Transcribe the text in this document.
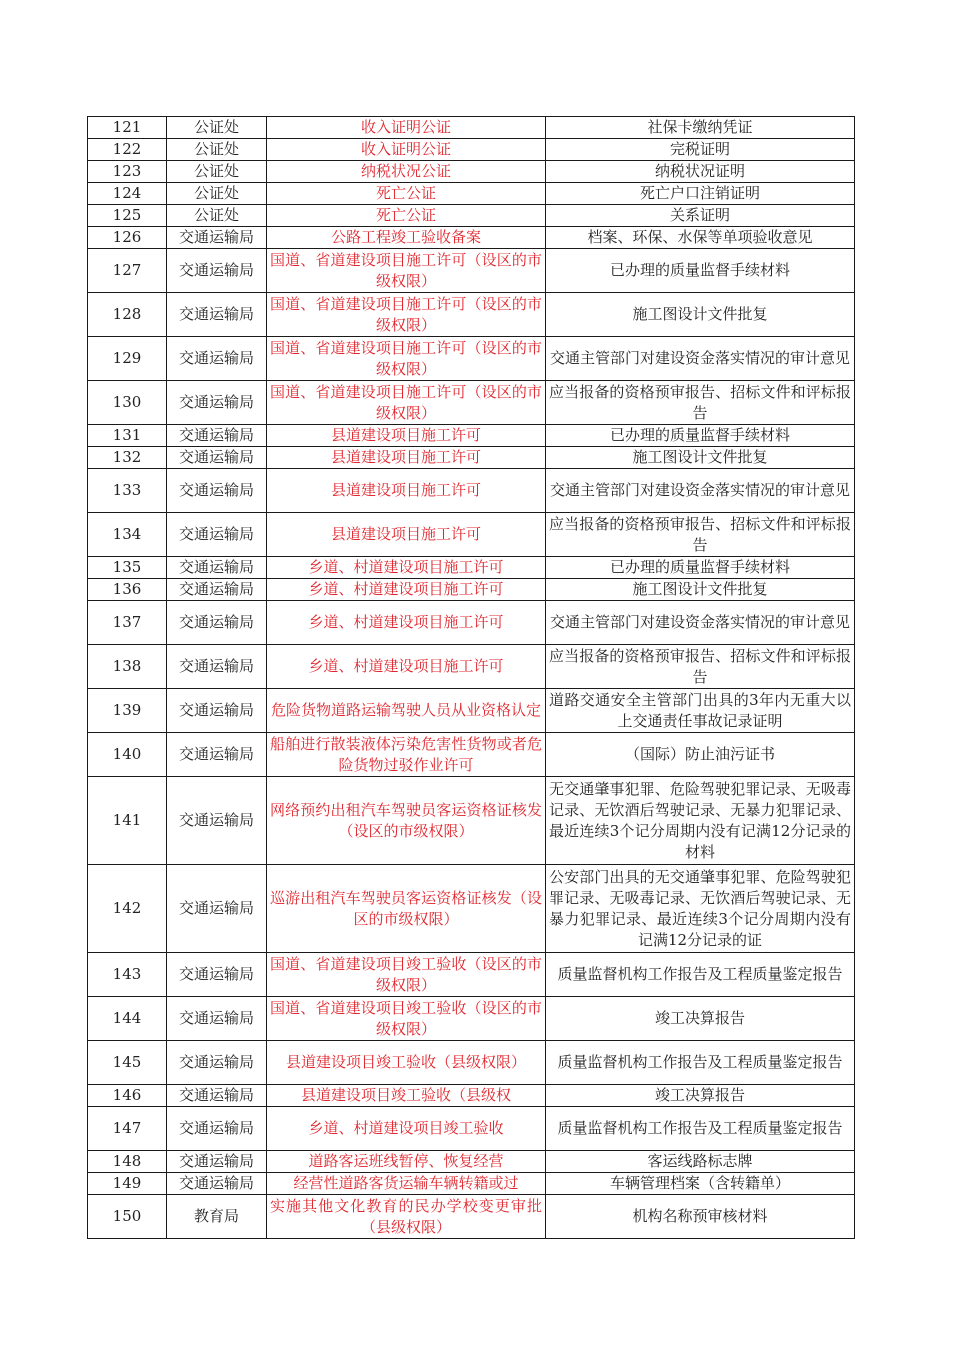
121	公证处	收入证明公证	社保卡缴纳凭证
122	公证处	收入证明公证	完税证明
123	公证处	纳税状况公证	纳税状况证明
124	公证处	死亡公证	死亡户口注销证明
125	公证处	死亡公证	关系证明
126	交通运输局	公路工程竣工验收备案	档案、环保、水保等单项验收意见
127	交通运输局	国道、省道建设项目施工许可（设区的市级权限）	已办理的质量监督手续材料
128	交通运输局	国道、省道建设项目施工许可（设区的市级权限）	施工图设计文件批复
129	交通运输局	国道、省道建设项目施工许可（设区的市级权限）	交通主管部门对建设资金落实情况的审计意见
130	交通运输局	国道、省道建设项目施工许可（设区的市级权限）	应当报备的资格预审报告、招标文件和评标报告
131	交通运输局	县道建设项目施工许可	已办理的质量监督手续材料
132	交通运输局	县道建设项目施工许可	施工图设计文件批复
133	交通运输局	县道建设项目施工许可	交通主管部门对建设资金落实情况的审计意见
134	交通运输局	县道建设项目施工许可	应当报备的资格预审报告、招标文件和评标报告
135	交通运输局	乡道、村道建设项目施工许可	已办理的质量监督手续材料
136	交通运输局	乡道、村道建设项目施工许可	施工图设计文件批复
137	交通运输局	乡道、村道建设项目施工许可	交通主管部门对建设资金落实情况的审计意见
138	交通运输局	乡道、村道建设项目施工许可	应当报备的资格预审报告、招标文件和评标报告
139	交通运输局	危险货物道路运输驾驶人员从业资格认定	道路交通安全主管部门出具的3年内无重大以上交通责任事故记录证明
140	交通运输局	船舶进行散装液体污染危害性货物或者危险货物过驳作业许可	（国际）防止油污证书
141	交通运输局	网络预约出租汽车驾驶员客运资格证核发（设区的市级权限）	无交通肇事犯罪、危险驾驶犯罪记录、无吸毒记录、无饮酒后驾驶记录、无暴力犯罪记录、最近连续3个记分周期内没有记满12分记录的材料
142	交通运输局	巡游出租汽车驾驶员客运资格证核发（设区的市级权限）	公安部门出具的无交通肇事犯罪、危险驾驶犯罪记录、无吸毒记录、无饮酒后驾驶记录、无暴力犯罪记录、最近连续3个记分周期内没有记满12分记录的证
143	交通运输局	国道、省道建设项目竣工验收（设区的市级权限）	质量监督机构工作报告及工程质量鉴定报告
144	交通运输局	国道、省道建设项目竣工验收（设区的市级权限）	竣工决算报告
145	交通运输局	县道建设项目竣工验收（县级权限）	质量监督机构工作报告及工程质量鉴定报告
146	交通运输局	县道建设项目竣工验收（县级权	竣工决算报告
147	交通运输局	乡道、村道建设项目竣工验收	质量监督机构工作报告及工程质量鉴定报告
148	交通运输局	道路客运班线暂停、恢复经营	客运线路标志牌
149	交通运输局	经营性道路客货运输车辆转籍或过	车辆管理档案（含转籍单）
150	教育局	实施其他文化教育的民办学校变更审批（县级权限）	机构名称预审核材料
